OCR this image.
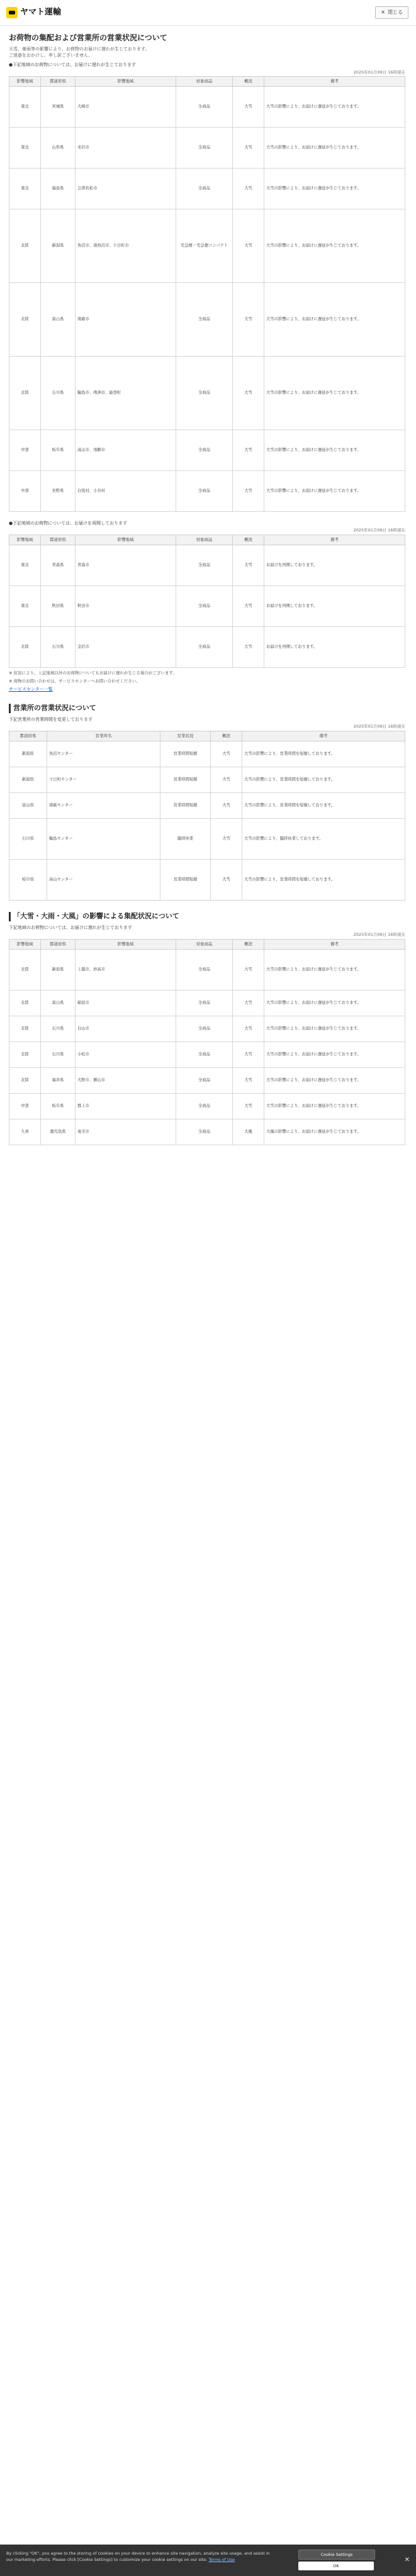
ヤマト運輸	✕ 閉じる
お荷物の集配および営業所の営業状況について

大雪、豪雨等の影響により、お荷物のお届けに遅れが生じております。

ご迷惑をおかけし、申し訳ございません。

●下記地域のお荷物については、お届けに遅れが生じております
2025年01月09日 16時現在
影響地域	都道府県	影響地域	対象商品	概況	備考
東北	宮城県	大崎市	全商品	大雪	大雪の影響により、お届けに遅延が生じております。
東北	山形県	米沢市	全商品	大雪	大雪の影響により、お届けに遅延が生じております。
東北	福島県	会津若松市	全商品	大雪	大雪の影響により、お届けに遅延が生じております。
北陸	新潟県	魚沼市、南魚沼市、十日町市	宅急便・宅急便コンパクト	大雪	大雪の影響により、お届けに遅延が生じております。
北陸	富山県	南砺市	全商品	大雪	大雪の影響により、お届けに遅延が生じております。
北陸	石川県	輪島市、珠洲市、能登町	全商品	大雪	大雪の影響により、お届けに遅延が生じております。
中部	岐阜県	高山市、飛騨市	全商品	大雪	大雪の影響により、お届けに遅延が生じております。
中部	長野県	白馬村、小谷村	全商品	大雪	大雪の影響により、お届けに遅延が生じております。
●下記地域のお荷物については、お届けを再開しております
2025年01月09日 16時現在
影響地域	都道府県	影響地域	対象商品	概況	備考
東北	青森県	青森市	全商品	大雪	お届けを再開しております。
東北	秋田県	秋田市	全商品	大雪	お届けを再開しております。
北陸	石川県	金沢市	全商品	大雪	お届けを再開しております。
※ 状況により、上記地域以外のお荷物についてもお届けに遅れが生じる場合がございます。
※ 荷物のお問い合わせは、サービスセンターへお問い合わせください。
サービスセンター一覧
営業所の営業状況について
下記営業所の営業時間を変更しております
2025年01月09日 16時現在
都道府県	営業所名	営業状況	概況	備考
新潟県	魚沼センター	営業時間短縮	大雪	大雪の影響により、営業時間を短縮しております。
新潟県	十日町センター	営業時間短縮	大雪	大雪の影響により、営業時間を短縮しております。
富山県	南砺センター	営業時間短縮	大雪	大雪の影響により、営業時間を短縮しております。
石川県	輪島センター	臨時休業	大雪	大雪の影響により、臨時休業しております。
岐阜県	高山センター	営業時間短縮	大雪	大雪の影響により、営業時間を短縮しております。
「大雪・大雨・大風」の影響による集配状況について
下記地域のお荷物については、お届けに遅れが生じております
2025年01月09日 16時現在
影響地域	都道府県	影響地域	対象商品	概況	備考
北陸	新潟県	上越市、妙高市	全商品	大雪	大雪の影響により、お届けに遅延が生じております。
北陸	富山県	砺波市	全商品	大雪	大雪の影響により、お届けに遅延が生じております。
北陸	石川県	白山市	全商品	大雪	大雪の影響により、お届けに遅延が生じております。
北陸	石川県	小松市	全商品	大雪	大雪の影響により、お届けに遅延が生じております。
北陸	福井県	大野市、勝山市	全商品	大雪	大雪の影響により、お届けに遅延が生じております。
中部	岐阜県	郡上市	全商品	大雪	大雪の影響により、お届けに遅延が生じております。
九州	鹿児島県	奄美市	全商品	大風	大風の影響により、お届けに遅延が生じております。
By clicking "OK", you agree to the storing of cookies on your device to enhance site navigation, analyze site usage, and assist in our marketing efforts. Please click [Cookie Settings] to customize your cookie settings on our site. Terms of Use
Cookie Settings
OK
✕
